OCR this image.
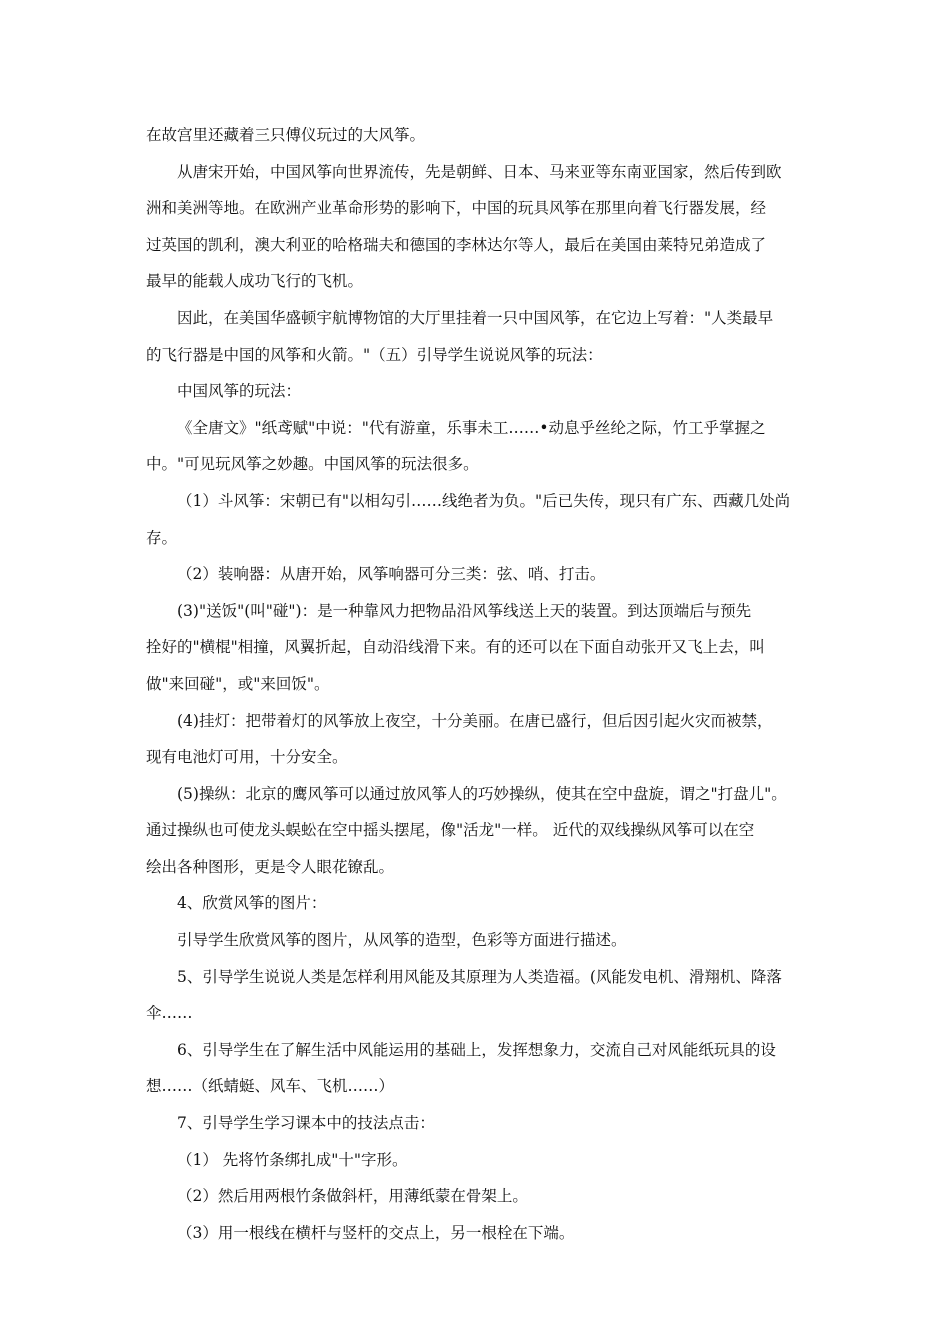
在故宫里还藏着三只傅仪玩过的大风筝。
从唐宋开始，中国风筝向世界流传，先是朝鲜、日本、马来亚等东南亚国家，然后传到欧
洲和美洲等地。在欧洲产业革命形势的影响下，中国的玩具风筝在那里向着飞行器发展，经
过英国的凯利，澳大利亚的哈格瑞夫和德国的李林达尔等人，最后在美国由莱特兄弟造成了
最早的能载人成功飞行的飞机。
因此，在美国华盛顿宇航博物馆的大厅里挂着一只中国风筝，在它边上写着："人类最早
的飞行器是中国的风筝和火箭。"（五）引导学生说说风筝的玩法：
中国风筝的玩法：
《全唐文》"纸鸢赋"中说："代有游童，乐事未工……•动息乎丝纶之际，竹工乎掌握之
中。"可见玩风筝之妙趣。中国风筝的玩法很多。
（1）斗风筝：宋朝已有"以相勾引……线绝者为负。"后已失传，现只有广东、西藏几处尚
存。
（2）装响器：从唐开始，风筝响器可分三类：弦、哨、打击。
(3)"送饭"(叫"碰")：是一种靠风力把物品沿风筝线送上天的装置。到达顶端后与预先
拴好的"横棍"相撞，风翼折起，自动沿线滑下来。有的还可以在下面自动张开又飞上去，叫
做"来回碰"，或"来回饭"。
(4)挂灯：把带着灯的风筝放上夜空，十分美丽。在唐已盛行，但后因引起火灾而被禁，
现有电池灯可用，十分安全。
(5)操纵：北京的鹰风筝可以通过放风筝人的巧妙操纵，使其在空中盘旋，谓之"打盘儿"。
通过操纵也可使龙头蜈蚣在空中摇头摆尾，像"活龙"一样。 近代的双线操纵风筝可以在空
绘出各种图形，更是令人眼花镣乱。
4、欣赏风筝的图片：
引导学生欣赏风筝的图片，从风筝的造型，色彩等方面进行描述。
5、引导学生说说人类是怎样利用风能及其原理为人类造福。(风能发电机、滑翔机、降落
伞……
6、引导学生在了解生活中风能运用的基础上，发挥想象力，交流自己对风能纸玩具的设
想……（纸蜻蜓、风车、飞机……）
7、引导学生学习课本中的技法点击：
（1） 先将竹条绑扎成"十"字形。
（2）然后用两根竹条做斜杆，用薄纸蒙在骨架上。
（3）用一根线在横杆与竖杆的交点上，另一根栓在下端。
